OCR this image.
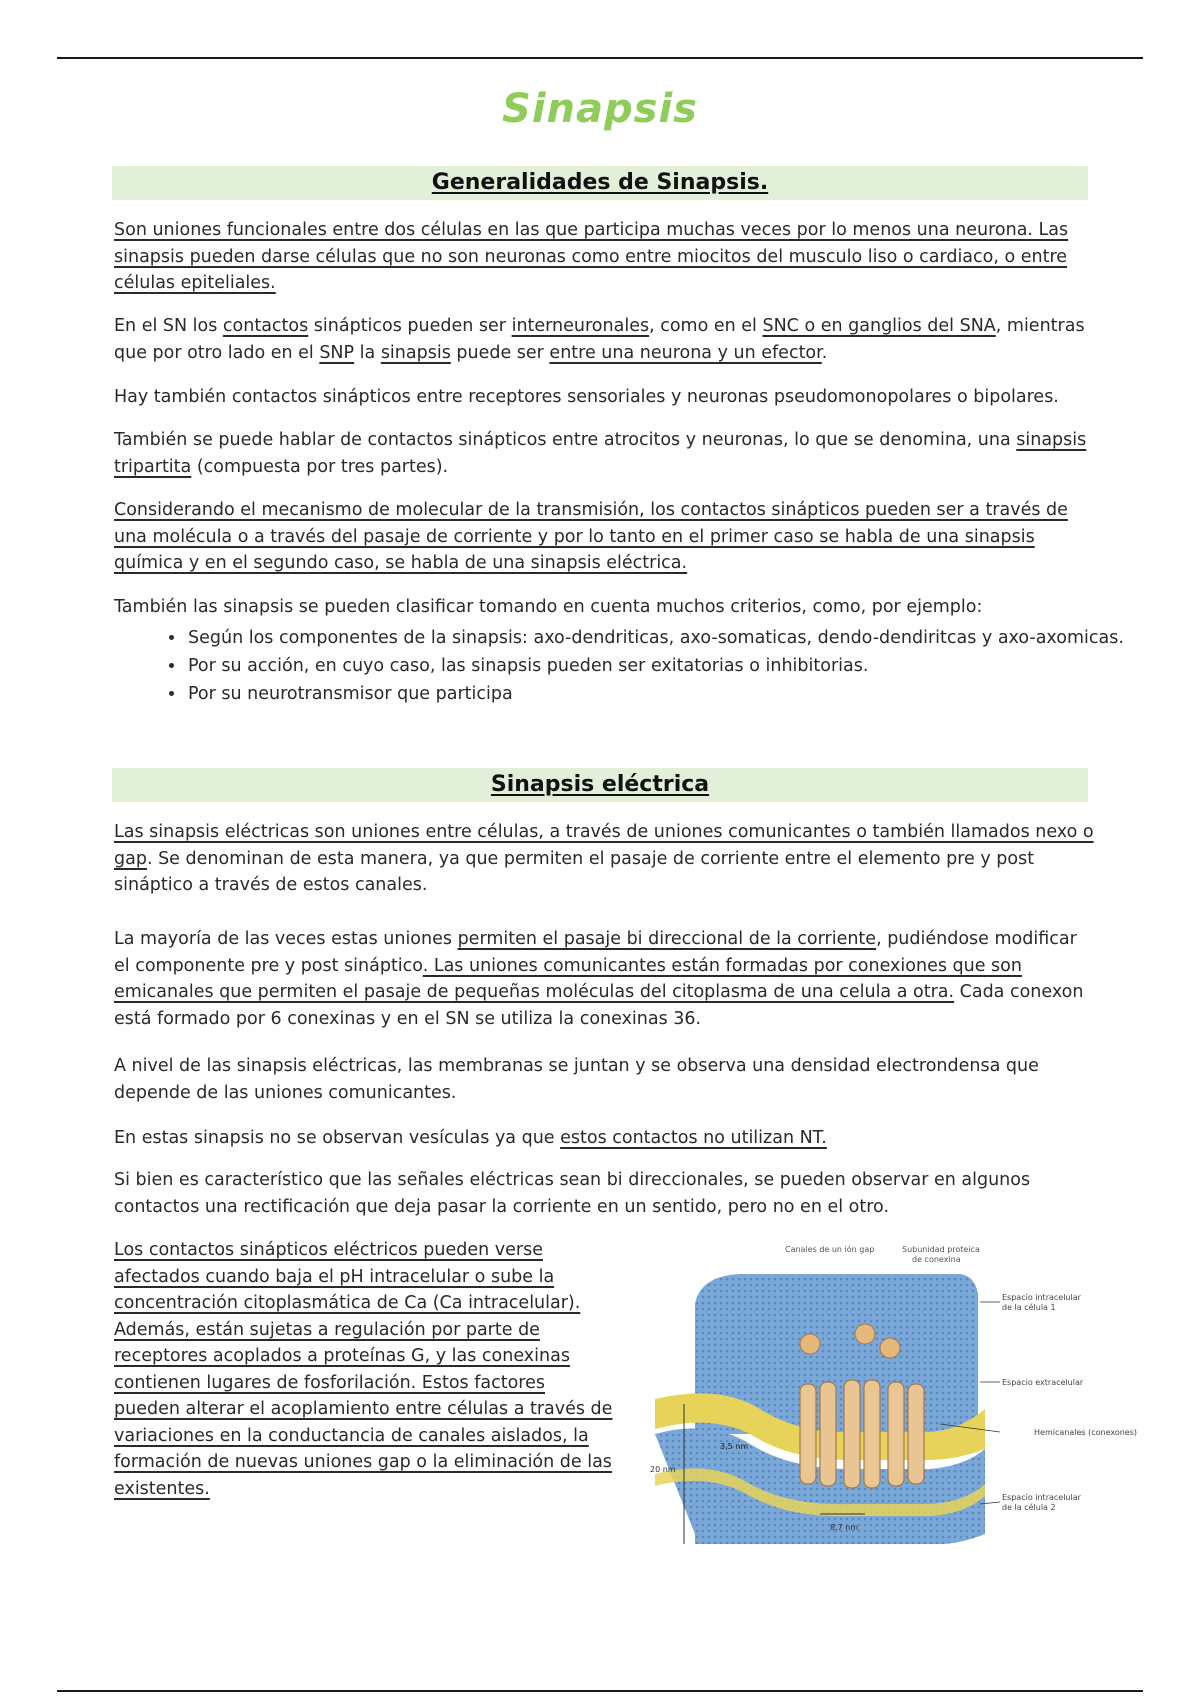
Sinapsis
Generalidades de Sinapsis.

Son uniones funcionales entre dos células en las que participa muchas veces por lo menos una neurona. Las sinapsis pueden darse células que no son neuronas como entre miocitos del musculo liso o cardiaco, o entre células epiteliales.

En el SN los contactos sinápticos pueden ser interneuronales, como en el SNC o en ganglios del SNA, mientras que por otro lado en el SNP la sinapsis puede ser entre una neurona y un efector.

Hay también contactos sinápticos entre receptores sensoriales y neuronas pseudomonopolares o bipolares.

También se puede hablar de contactos sinápticos entre atrocitos y neuronas, lo que se denomina, una sinapsis tripartita (compuesta por tres partes).

Considerando el mecanismo de molecular de la transmisión, los contactos sinápticos pueden ser a través de una molécula o a través del pasaje de corriente y por lo tanto en el primer caso se habla de una sinapsis química y en el segundo caso, se habla de una sinapsis eléctrica.

También las sinapsis se pueden clasificar tomando en cuenta muchos criterios, como, por ejemplo:

• Según los componentes de la sinapsis: axo-dendriticas, axo-somaticas, dendo-dendiritcas y axo-axomicas.
• Por su acción, en cuyo caso, las sinapsis pueden ser exitatorias o inhibitorias.
• Por su neurotransmisor que participa
Sinapsis eléctrica

Las sinapsis eléctricas son uniones entre células, a través de uniones comunicantes o también llamados nexo o gap. Se denominan de esta manera, ya que permiten el pasaje de corriente entre el elemento pre y post sináptico a través de estos canales.

La mayoría de las veces estas uniones permiten el pasaje bi direccional de la corriente, pudiéndose modificar el componente pre y post sináptico. Las uniones comunicantes están formadas por conexiones que son emicanales que permiten el pasaje de pequeñas moléculas del citoplasma de una celula a otra. Cada conexon está formado por 6 conexinas y en el SN se utiliza la conexinas 36.

A nivel de las sinapsis eléctricas, las membranas se juntan y se observa una densidad electrondensa que depende de las uniones comunicantes.

En estas sinapsis no se observan vesículas ya que estos contactos no utilizan NT.

Si bien es característico que las señales eléctricas sean bi direccionales, se pueden observar en algunos contactos una rectificación que deja pasar la corriente en un sentido, pero no en el otro.

Los contactos sinápticos eléctricos pueden verse afectados cuando baja el pH intracelular o sube la concentración citoplasmática de Ca (Ca intracelular). Además, están sujetas a regulación por parte de receptores acoplados a proteínas G, y las conexinas contienen lugares de fosforilación. Estos factores pueden alterar el acoplamiento entre células a través de variaciones en la conductancia de canales aislados, la formación de nuevas uniones gap o la eliminación de las existentes.

Canales de un ión gap	Subunidad proteica
de conexina
20 nm
3,5 nm
8,7 nm
Espacio intracelular
de la célula 1
Espacio extracelular
Hemicanales (conexones)
Espacio intracelular
de la célula 2
